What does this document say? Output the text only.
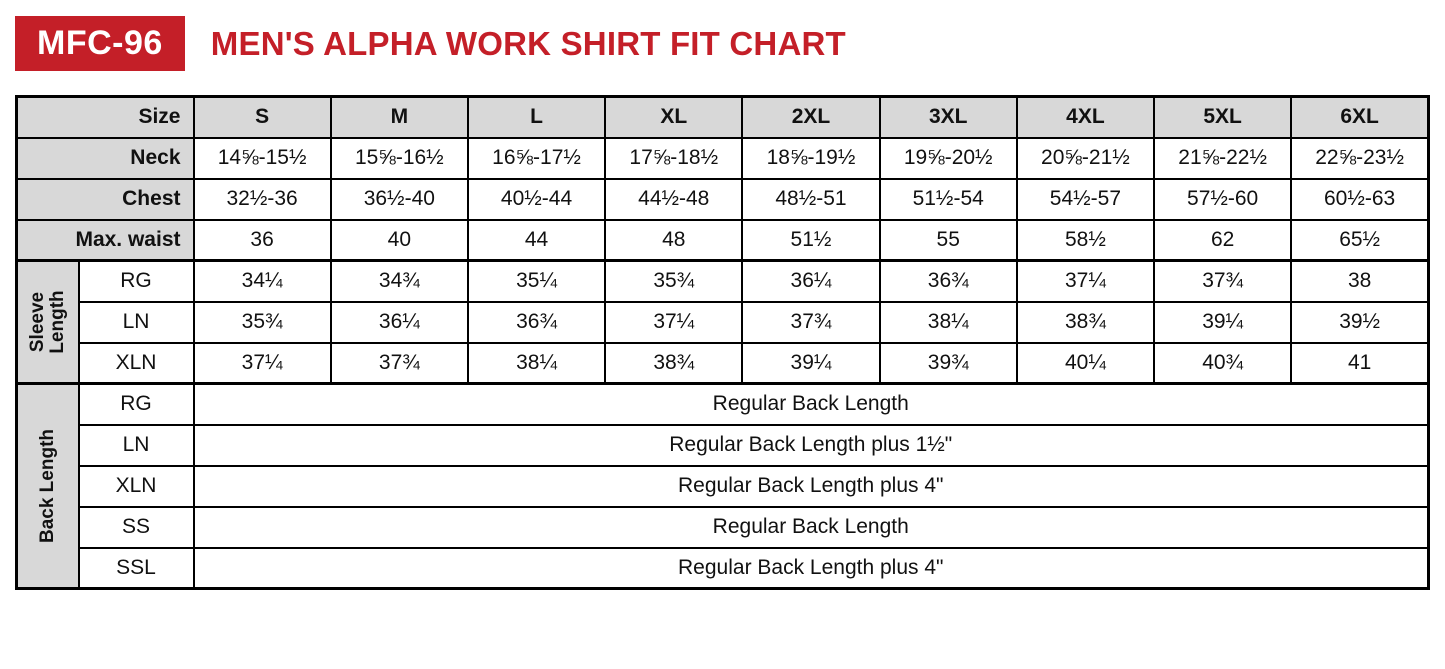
MFC-96	MEN'S ALPHA WORK SHIRT FIT CHART
Size		S	M	L	XL	2XL	3XL	4XL	5XL	6XL
Neck		14⅝-15½	15⅝-16½	16⅝-17½	17⅝-18½	18⅝-19½	19⅝-20½	20⅝-21½	21⅝-22½	22⅝-23½
Chest		32½-36	36½-40	40½-44	44½-48	48½-51	51½-54	54½-57	57½-60	60½-63
Max. waist		36	40	44	48	51½	55	58½	62	65½

Sleeve Length	RG	34¼	34¾	35¼	35¾	36¼	36¾	37¼	37¾	38
	LN	35¾	36¼	36¾	37¼	37¾	38¼	38¾	39¼	39½
	XLN	37¼	37¾	38¼	38¾	39¼	39¾	40¼	40¾	41

Back Length	RG	Regular Back Length								
	LN	Regular Back Length plus 1½"								
	XLN	Regular Back Length plus 4"								
	SS	Regular Back Length								
	SSL	Regular Back Length plus 4"								
